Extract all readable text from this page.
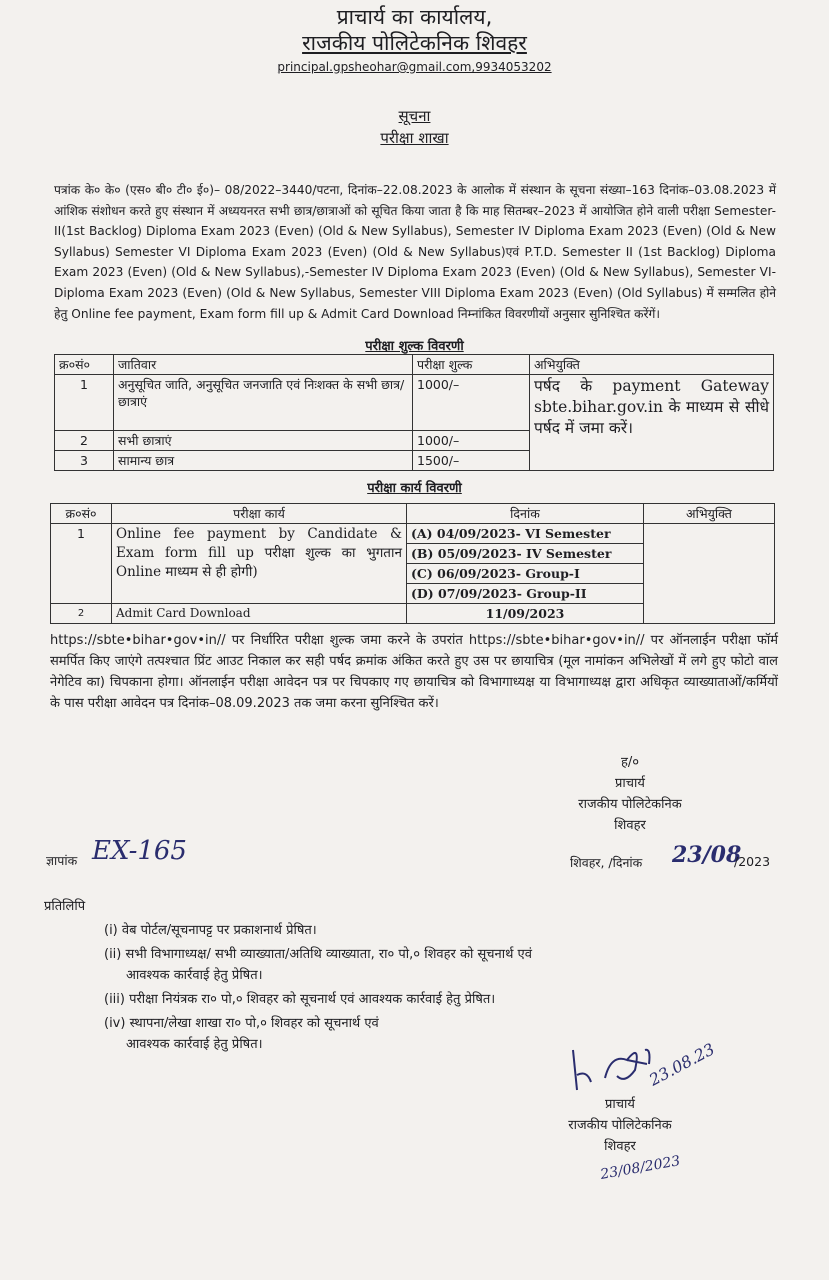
प्राचार्य का कार्यालय,
राजकीय पोलिटेकनिक शिवहर
principal.gpsheohar@gmail.com,9934053202
सूचना
परीक्षा शाखा
पत्रांक के० के० (एस० बी० टी० ई०)– 08/2022–3440/पटना, दिनांक–22.08.2023 के आलोक में संस्थान के सूचना संख्या–163 दिनांक–03.08.2023 में आंशिक संशोधन करते हुए संस्थान में अध्ययनरत सभी छात्र/छात्राओं को सूचित किया जाता है कि माह सितम्बर–2023 में आयोजित होने वाली परीक्षा Semester-II(1st Backlog) Diploma Exam 2023 (Even) (Old & New Syllabus), Semester IV Diploma Exam 2023 (Even) (Old & New Syllabus) Semester VI Diploma Exam 2023 (Even) (Old & New Syllabus)एवं P.T.D. Semester II (1st Backlog) Diploma Exam 2023 (Even) (Old & New Syllabus),-Semester IV Diploma Exam 2023 (Even) (Old & New Syllabus), Semester VI-Diploma Exam 2023 (Even) (Old & New Syllabus, Semester VIII Diploma Exam 2023 (Even) (Old Syllabus) में सम्मलित होने हेतु Online fee payment, Exam form fill up & Admit Card Download निम्नांकित विवरणीयों अनुसार सुनिश्चित करेंगें।
परीक्षा शुल्क विवरणी
क्र०सं०	जातिवार	परीक्षा शुल्क	अभियुक्ति
1	अनुसूचित जाति, अनुसूचित जनजाति एवं निःशक्त के सभी छात्र/छात्राएं	1000/–	पर्षद के payment Gateway sbte.bihar.gov.in के माध्यम से सीधे पर्षद में जमा करें।
2	सभी छात्राएं	1000/–	
3	सामान्य छात्र	1500/–	
परीक्षा कार्य विवरणी
क्र०सं०	परीक्षा कार्य	दिनांक	अभियुक्ति
1	Online fee payment by Candidate & Exam form fill up परीक्षा शुल्क का भुगतान Online माध्यम से ही होगी)	(A) 04/09/2023- VI Semester	
		(B) 05/09/2023- IV Semester	
		(C) 06/09/2023- Group-I	
		(D) 07/09/2023- Group-II	
2	Admit Card Download	11/09/2023	
https://sbte•bihar•gov•in// पर निर्धारित परीक्षा शुल्क जमा करने के उपरांत https://sbte•bihar•gov•in// पर ऑनलाईन परीक्षा फॉर्म समर्पित किए जाएंगे तत्पश्चात प्रिंट आउट निकाल कर सही पर्षद क्रमांक अंकित करते हुए उस पर छायाचित्र (मूल नामांकन अभिलेखों में लगे हुए फोटो वाल नेगेटिव का) चिपकाना होगा। ऑनलाईन परीक्षा आवेदन पत्र पर चिपकाए गए छायाचित्र को विभागाध्यक्ष या विभागाध्यक्ष द्वारा अधिकृत व्याख्याताओं/कर्मियों के पास परीक्षा आवेदन पत्र दिनांक–08.09.2023 तक जमा करना सुनिश्चित करें।
ह/०
प्राचार्य
राजकीय पोलिटेकनिक
शिवहर
ज्ञापांक EX-165	शिवहर, /दिनांक 23/08
/2023
प्रतिलिपि
(i) वेब पोर्टल/सूचनापट्ट पर प्रकाशनार्थ प्रेषित।
(ii) सभी विभागाध्यक्ष/ सभी व्याख्याता/अतिथि व्याख्याता, रा० पो,० शिवहर को सूचनार्थ एवं
आवश्यक कार्रवाई हेतु प्रेषित।
(iii) परीक्षा नियंत्रक रा० पो,० शिवहर को सूचनार्थ एवं आवश्यक कार्रवाई हेतु प्रेषित।
(iv) स्थापना/लेखा शाखा रा० पो,० शिवहर को सूचनार्थ एवं
आवश्यक कार्रवाई हेतु प्रेषित।	23.08.23
प्राचार्य
राजकीय पोलिटेकनिक
शिवहर
23/08/2023
